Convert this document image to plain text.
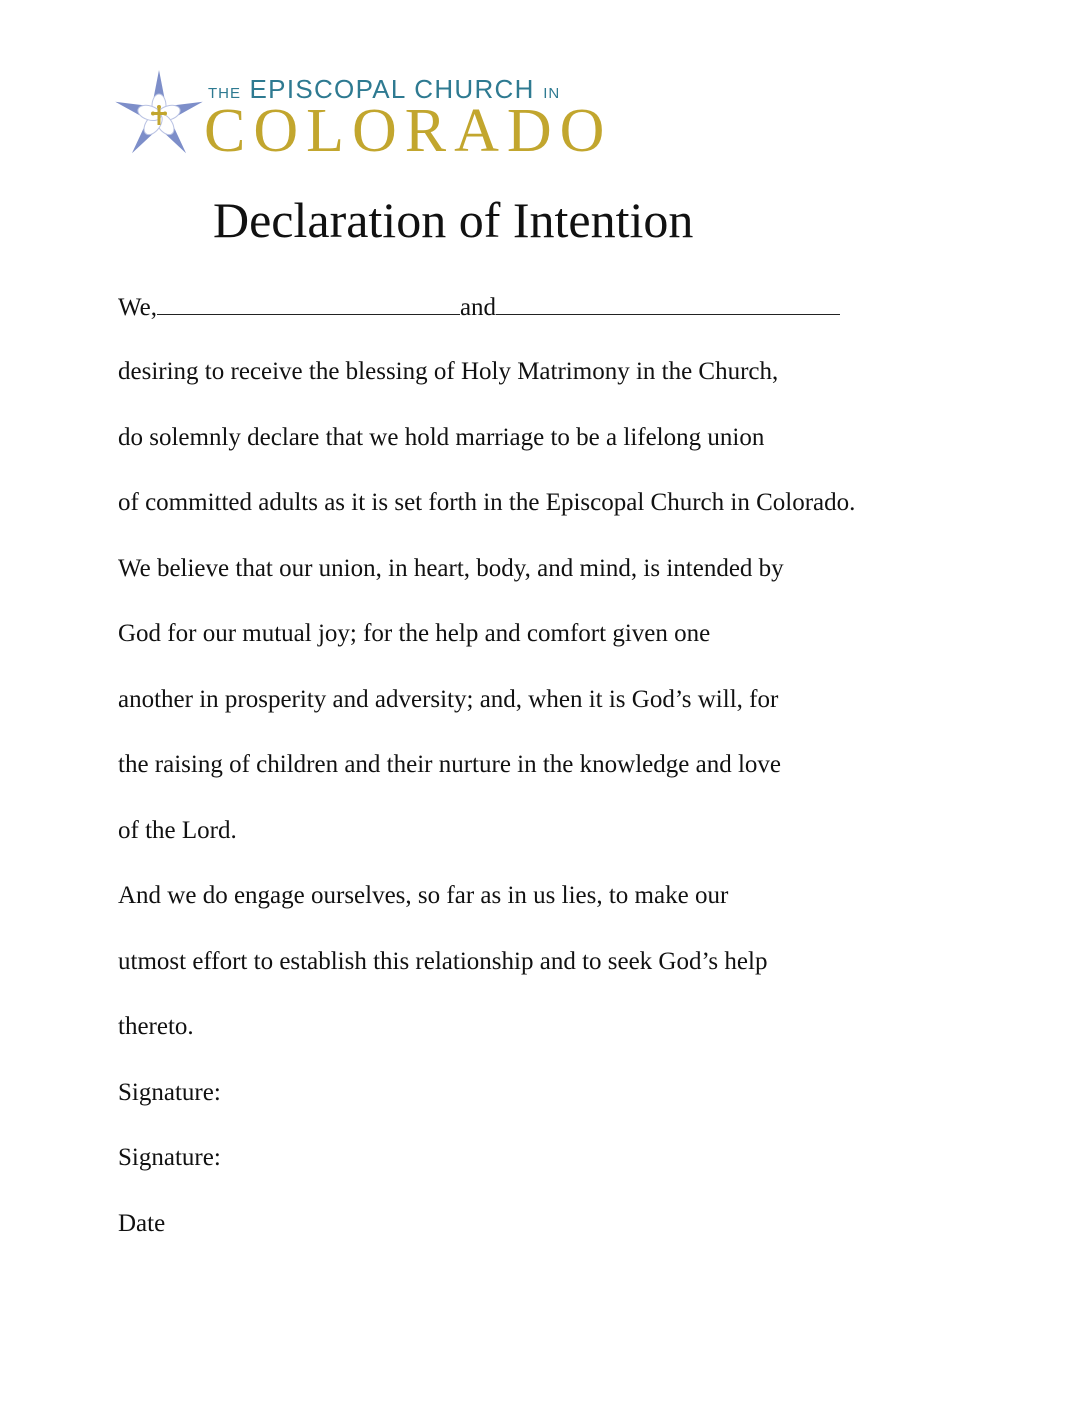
THE EPISCOPAL CHURCH IN
COLORADO
Declaration of Intention
We,	and
desiring to receive the blessing of Holy Matrimony in the Church,
do solemnly declare that we hold marriage to be a lifelong union
of committed adults as it is set forth in the Episcopal Church in Colorado.
We believe that our union, in heart, body, and mind, is intended by
God for our mutual joy; for the help and comfort given one
another in prosperity and adversity; and, when it is God’s will, for
the raising of children and their nurture in the knowledge and love
of the Lord.
And we do engage ourselves, so far as in us lies, to make our
utmost effort to establish this relationship and to seek God’s help
thereto.
Signature:
Signature:
Date
